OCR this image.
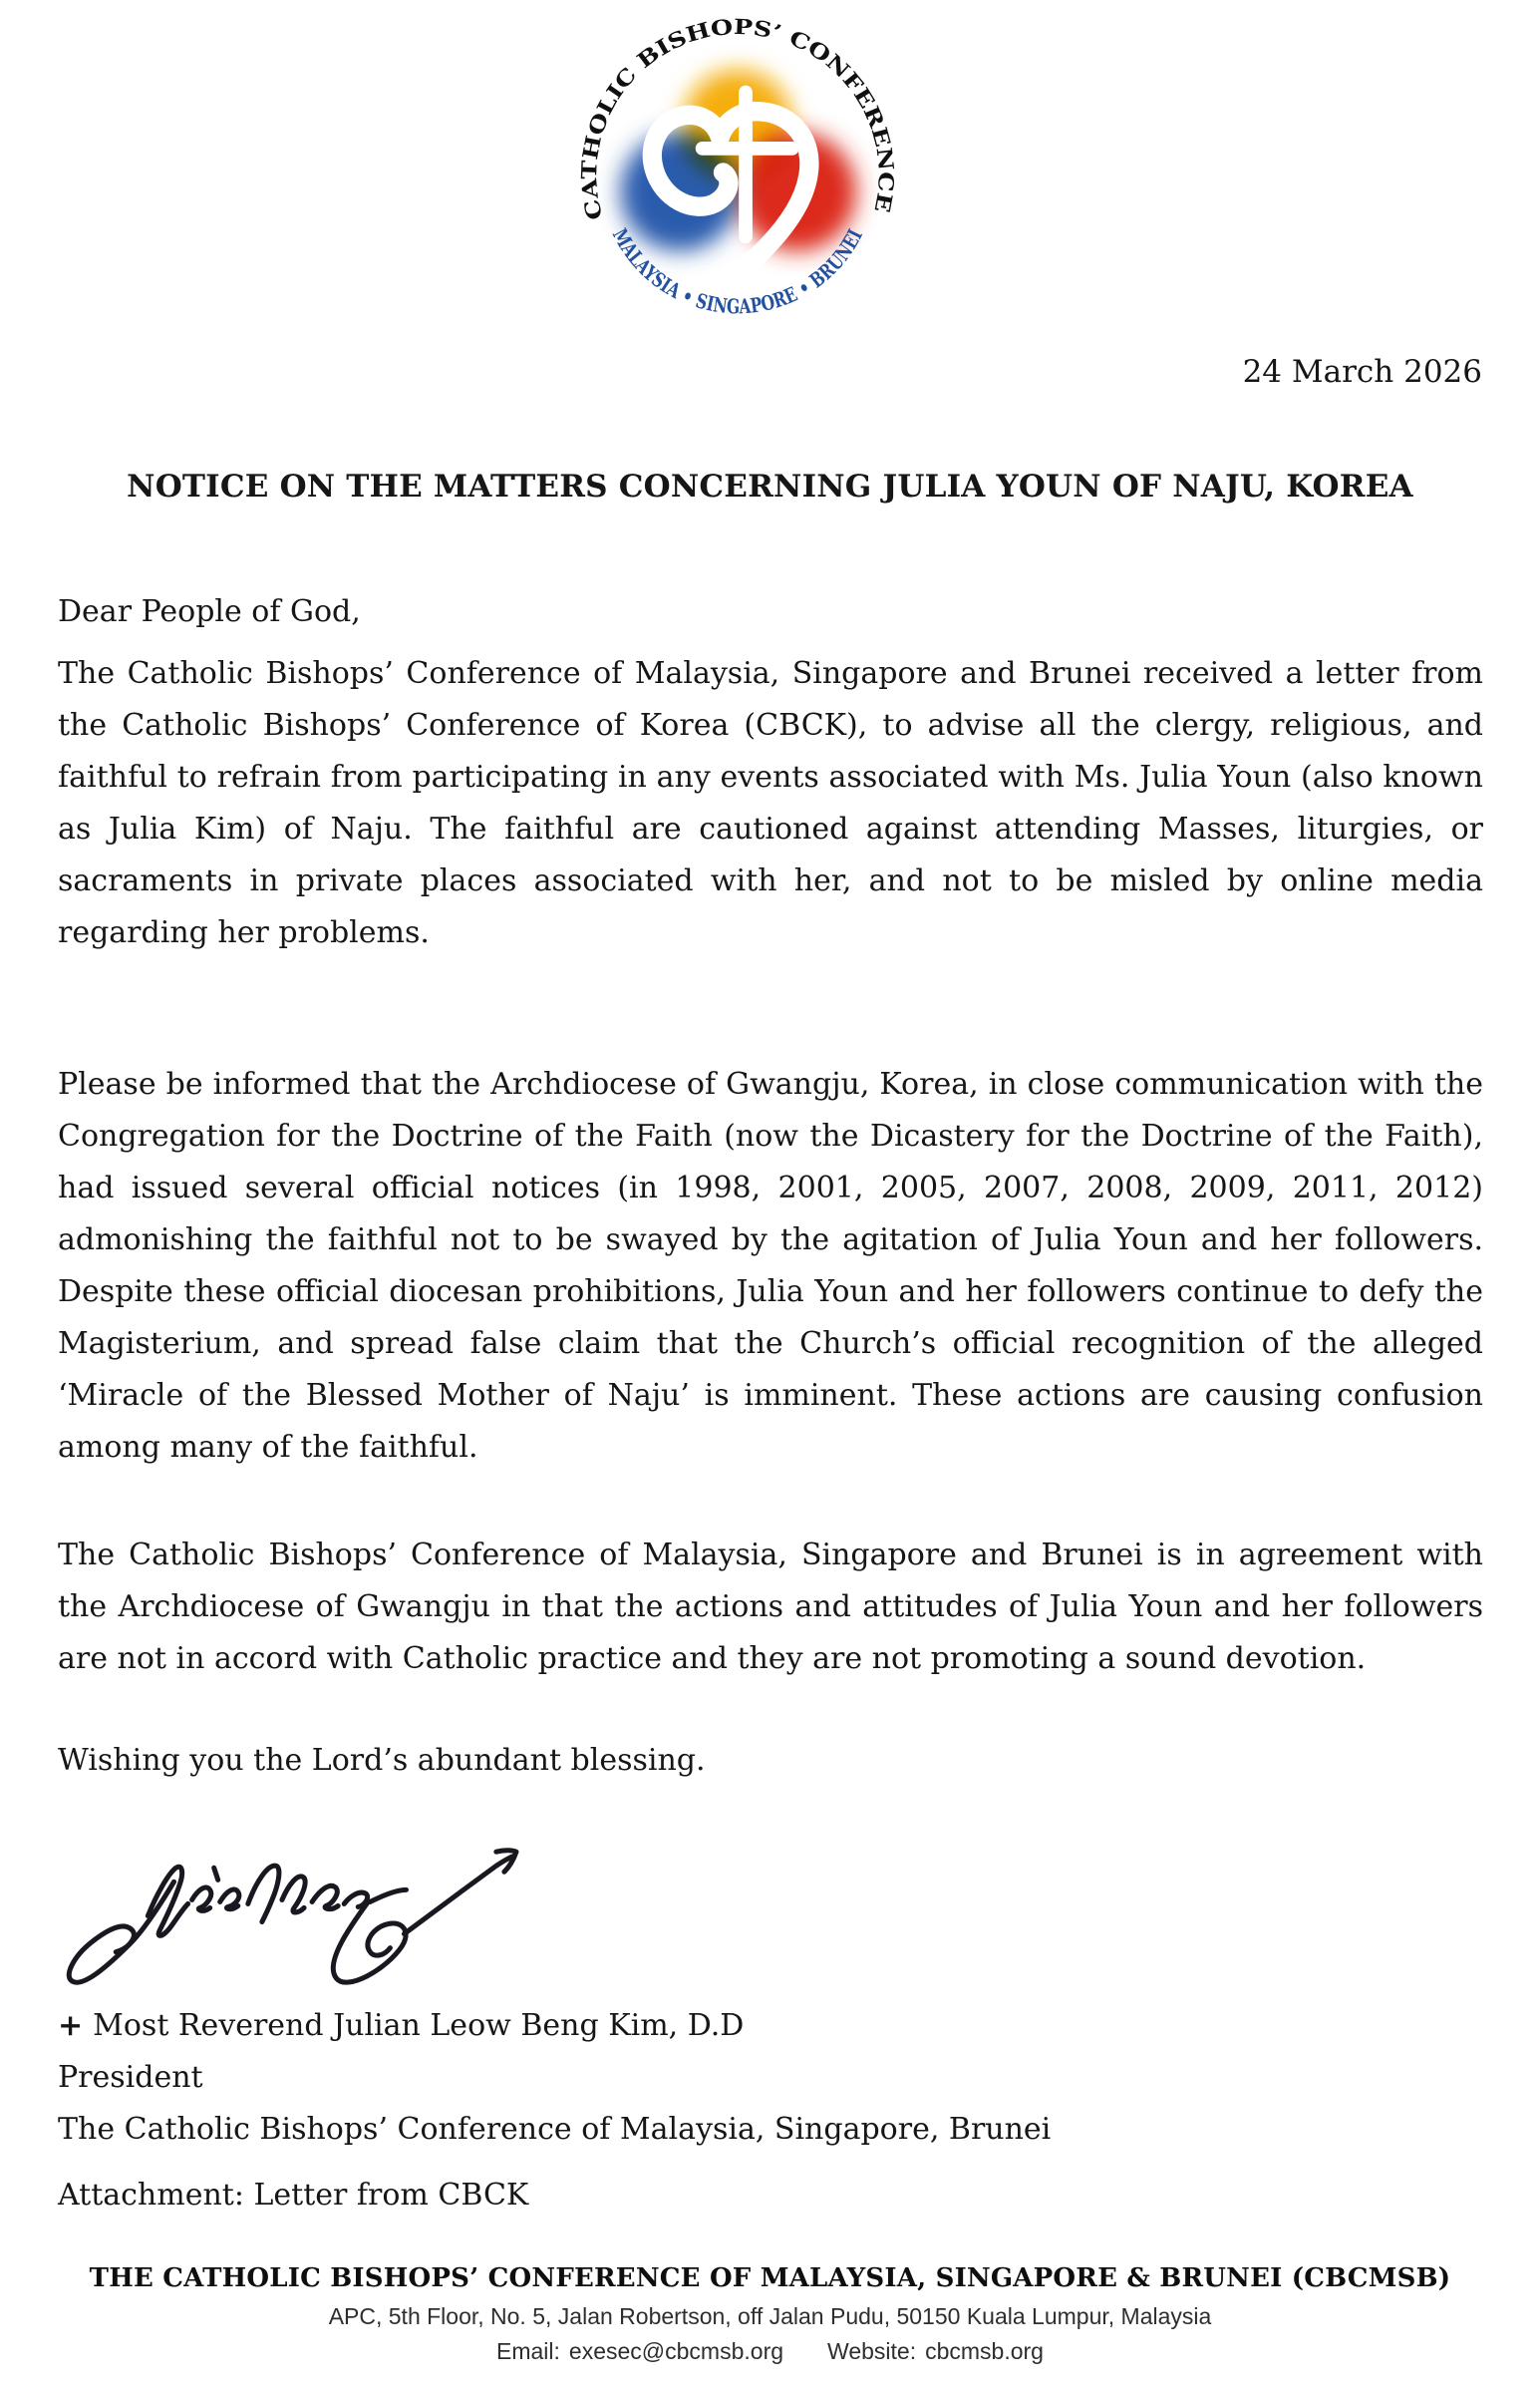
CATHOLIC BISHOPS’ CONFERENCE
MALAYSIA • SINGAPORE • BRUNEI
24 March 2026
NOTICE ON THE MATTERS CONCERNING JULIA YOUN OF NAJU, KOREA
Dear People of God,
The Catholic Bishops’ Conference of Malaysia, Singapore and Brunei received a letter from the Catholic Bishops’ Conference of Korea (CBCK), to advise all the clergy, religious, and faithful to refrain from participating in any events associated with Ms. Julia Youn (also known as Julia Kim) of Naju. The faithful are cautioned against attending Masses, liturgies, or sacraments in private places associated with her, and not to be misled by online media regarding her problems.
Please be informed that the Archdiocese of Gwangju, Korea, in close communication with the Congregation for the Doctrine of the Faith (now the Dicastery for the Doctrine of the Faith), had issued several official notices (in 1998, 2001, 2005, 2007, 2008, 2009, 2011, 2012) admonishing the faithful not to be swayed by the agitation of Julia Youn and her followers. Despite these official diocesan prohibitions, Julia Youn and her followers continue to defy the Magisterium, and spread false claim that the Church’s official recognition of the alleged ‘Miracle of the Blessed Mother of Naju’ is imminent. These actions are causing confusion among many of the faithful.
The Catholic Bishops’ Conference of Malaysia, Singapore and Brunei is in agreement with the Archdiocese of Gwangju in that the actions and attitudes of Julia Youn and her followers are not in accord with Catholic practice and they are not promoting a sound devotion.
Wishing you the Lord’s abundant blessing.
+ Most Reverend Julian Leow Beng Kim, D.D
President
The Catholic Bishops’ Conference of Malaysia, Singapore, Brunei
Attachment: Letter from CBCK
THE CATHOLIC BISHOPS’ CONFERENCE OF MALAYSIA, SINGAPORE & BRUNEI (CBCMSB)
APC, 5th Floor, No. 5, Jalan Robertson, off Jalan Pudu, 50150 Kuala Lumpur, Malaysia
Email: exesec@cbcmsb.org Website: cbcmsb.org
